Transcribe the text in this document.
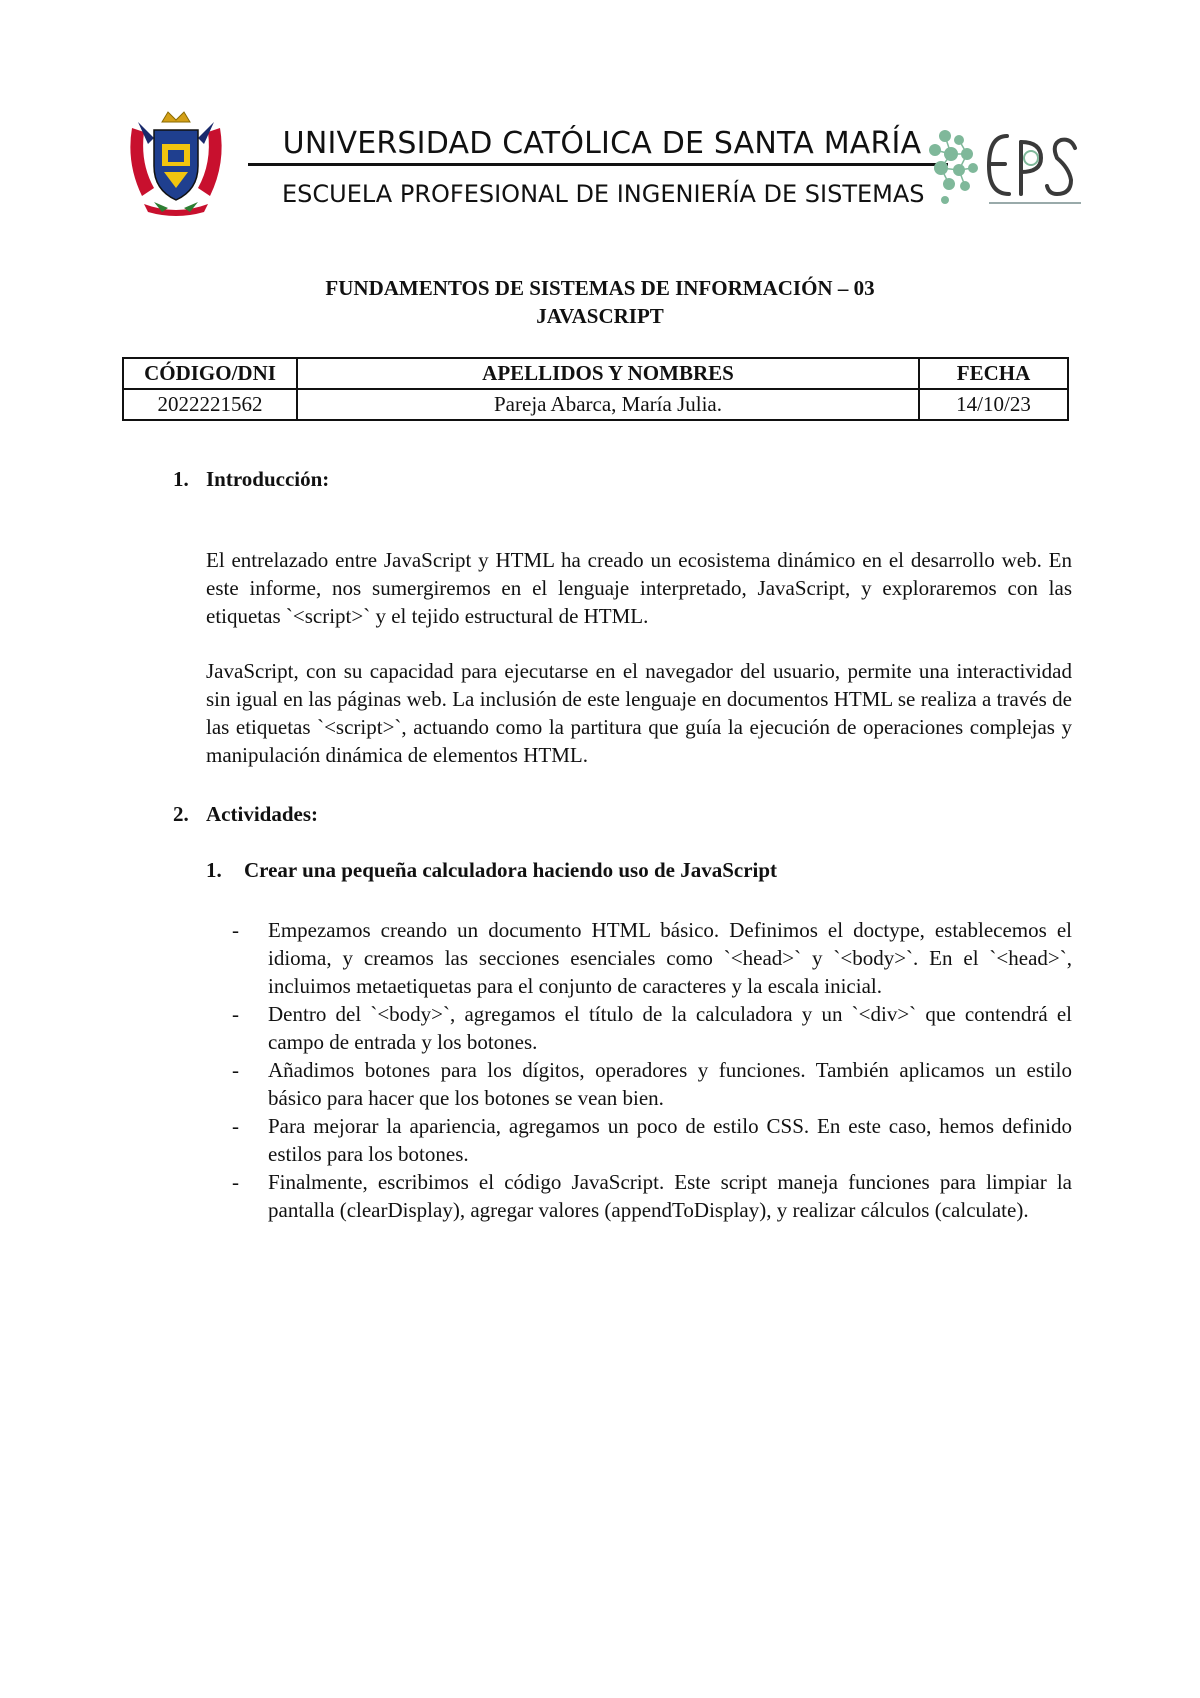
UNIVERSIDAD CATÓLICA DE SANTA MARÍA
ESCUELA PROFESIONAL DE INGENIERÍA DE SISTEMAS
FUNDAMENTOS DE SISTEMAS DE INFORMACIÓN – 03
JAVASCRIPT
CÓDIGO/DNI	APELLIDOS Y NOMBRES	FECHA
2022221562	Pareja Abarca, María Julia.	14/10/23
1. Introducción:

El entrelazado entre JavaScript y HTML ha creado un ecosistema dinámico en el desarrollo web. En este informe, nos sumergiremos en el lenguaje interpretado, JavaScript, y exploraremos con las etiquetas `<script>` y el tejido estructural de HTML.

JavaScript, con su capacidad para ejecutarse en el navegador del usuario, permite una interactividad sin igual en las páginas web. La inclusión de este lenguaje en documentos HTML se realiza a través de las etiquetas `<script>`, actuando como la partitura que guía la ejecución de operaciones complejas y manipulación dinámica de elementos HTML.

2. Actividades:
1. Crear una pequeña calculadora haciendo uso de JavaScript
- Empezamos creando un documento HTML básico. Definimos el doctype, establecemos el idioma, y creamos las secciones esenciales como `<head>` y `<body>`. En el `<head>`, incluimos metaetiquetas para el conjunto de caracteres y la escala inicial.
- Dentro del `<body>`, agregamos el título de la calculadora y un `<div>` que contendrá el campo de entrada y los botones.
- Añadimos botones para los dígitos, operadores y funciones. También aplicamos un estilo básico para hacer que los botones se vean bien.
- Para mejorar la apariencia, agregamos un poco de estilo CSS. En este caso, hemos definido estilos para los botones.
- Finalmente, escribimos el código JavaScript. Este script maneja funciones para limpiar la pantalla (clearDisplay), agregar valores (appendToDisplay), y realizar cálculos (calculate).
